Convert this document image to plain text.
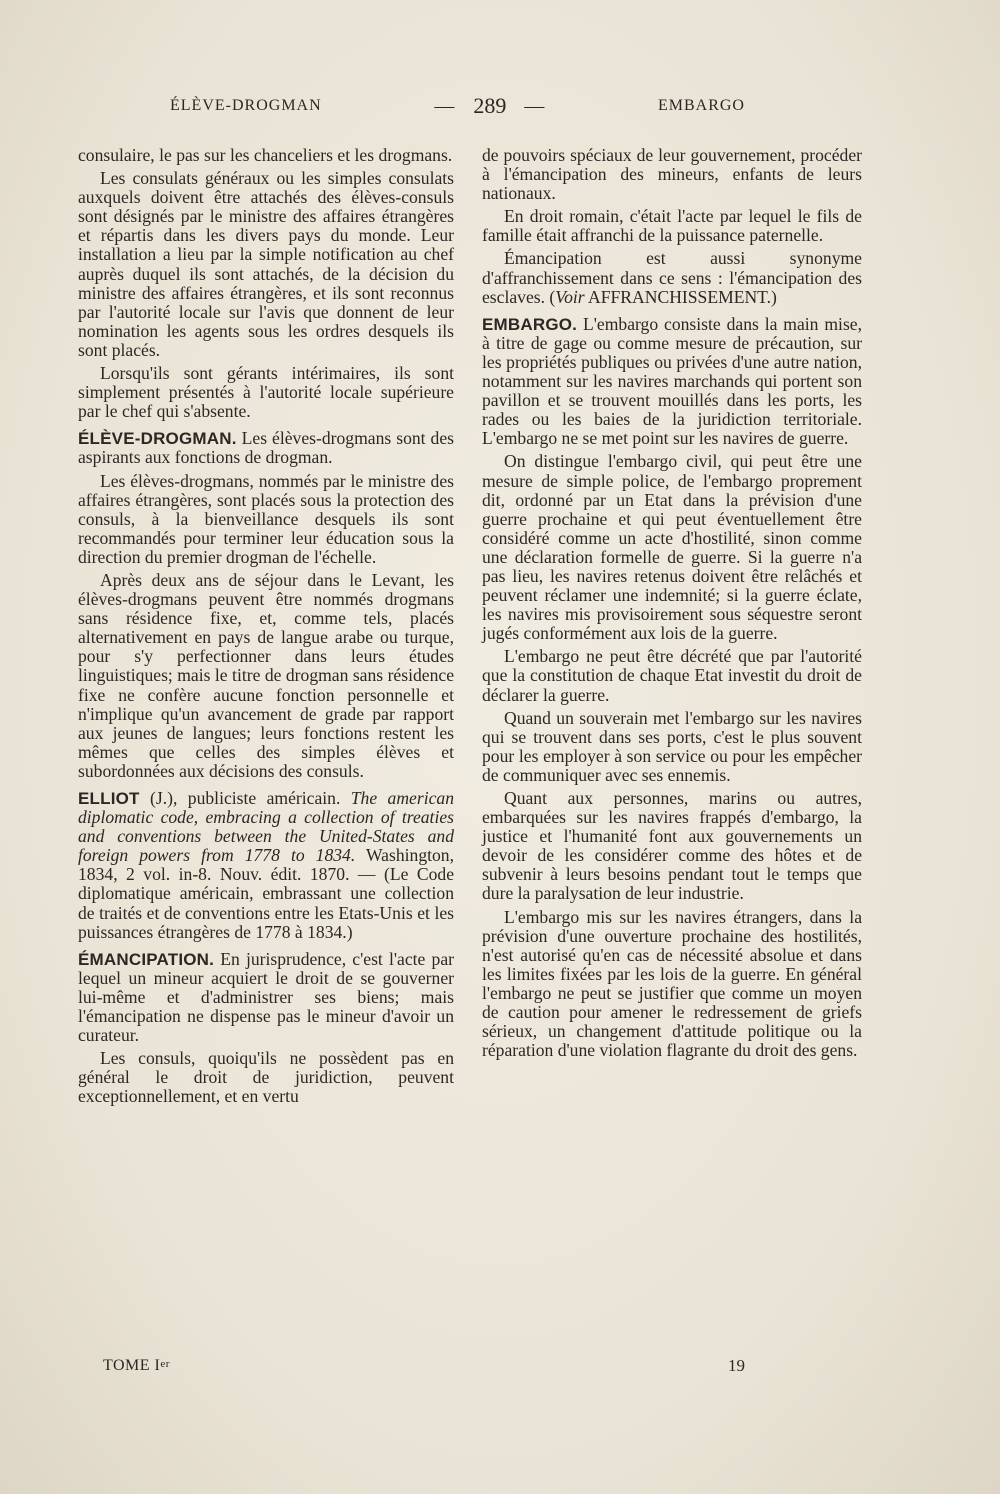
ÉLÈVE-DROGMAN	— 289 —	EMBARGO

consulaire, le pas sur les chanceliers et les drogmans.

Les consulats généraux ou les simples consulats auxquels doivent être attachés des élèves-consuls sont désignés par le ministre des affaires étrangères et répartis dans les divers pays du monde. Leur installation a lieu par la simple notification au chef auprès duquel ils sont attachés, de la décision du ministre des affaires étrangères, et ils sont reconnus par l'autorité locale sur l'avis que donnent de leur nomination les agents sous les ordres desquels ils sont placés.

Lorsqu'ils sont gérants intérimaires, ils sont simplement présentés à l'autorité locale supérieure par le chef qui s'absente.

ÉLÈVE-DROGMAN. Les élèves-drogmans sont des aspirants aux fonctions de drogman.

Les élèves-drogmans, nommés par le ministre des affaires étrangères, sont placés sous la protection des consuls, à la bienveillance desquels ils sont recommandés pour terminer leur éducation sous la direction du premier drogman de l'échelle.

Après deux ans de séjour dans le Levant, les élèves-drogmans peuvent être nommés drogmans sans résidence fixe, et, comme tels, placés alternativement en pays de langue arabe ou turque, pour s'y perfectionner dans leurs études linguistiques; mais le titre de drogman sans résidence fixe ne confère aucune fonction personnelle et n'implique qu'un avancement de grade par rapport aux jeunes de langues; leurs fonctions restent les mêmes que celles des simples élèves et subordonnées aux décisions des consuls.

ELLIOT (J.), publiciste américain. The american diplomatic code, embracing a collection of treaties and conventions between the United-States and foreign powers from 1778 to 1834. Washington, 1834, 2 vol. in-8. Nouv. édit. 1870. — (Le Code diplomatique américain, embrassant une collection de traités et de conventions entre les Etats-Unis et les puissances étrangères de 1778 à 1834.)

ÉMANCIPATION. En jurisprudence, c'est l'acte par lequel un mineur acquiert le droit de se gouverner lui-même et d'administrer ses biens; mais l'émancipation ne dispense pas le mineur d'avoir un curateur.

Les consuls, quoiqu'ils ne possèdent pas en général le droit de juridiction, peuvent exceptionnellement, et en vertu

de pouvoirs spéciaux de leur gouvernement, procéder à l'émancipation des mineurs, enfants de leurs nationaux.

En droit romain, c'était l'acte par lequel le fils de famille était affranchi de la puissance paternelle.

Émancipation est aussi synonyme d'affranchissement dans ce sens : l'émancipation des esclaves. (Voir AFFRANCHISSEMENT.)

EMBARGO. L'embargo consiste dans la main mise, à titre de gage ou comme mesure de précaution, sur les propriétés publiques ou privées d'une autre nation, notamment sur les navires marchands qui portent son pavillon et se trouvent mouillés dans les ports, les rades ou les baies de la juridiction territoriale. L'embargo ne se met point sur les navires de guerre.

On distingue l'embargo civil, qui peut être une mesure de simple police, de l'embargo proprement dit, ordonné par un Etat dans la prévision d'une guerre prochaine et qui peut éventuellement être considéré comme un acte d'hostilité, sinon comme une déclaration formelle de guerre. Si la guerre n'a pas lieu, les navires retenus doivent être relâchés et peuvent réclamer une indemnité; si la guerre éclate, les navires mis provisoirement sous séquestre seront jugés conformément aux lois de la guerre.

L'embargo ne peut être décrété que par l'autorité que la constitution de chaque Etat investit du droit de déclarer la guerre.

Quand un souverain met l'embargo sur les navires qui se trouvent dans ses ports, c'est le plus souvent pour les employer à son service ou pour les empêcher de communiquer avec ses ennemis.

Quant aux personnes, marins ou autres, embarquées sur les navires frappés d'embargo, la justice et l'humanité font aux gouvernements un devoir de les considérer comme des hôtes et de subvenir à leurs besoins pendant tout le temps que dure la paralysation de leur industrie.

L'embargo mis sur les navires étrangers, dans la prévision d'une ouverture prochaine des hostilités, n'est autorisé qu'en cas de nécessité absolue et dans les limites fixées par les lois de la guerre. En général l'embargo ne peut se justifier que comme un moyen de caution pour amener le redressement de griefs sérieux, un changement d'attitude politique ou la réparation d'une violation flagrante du droit des gens.

TOME Ier	19
